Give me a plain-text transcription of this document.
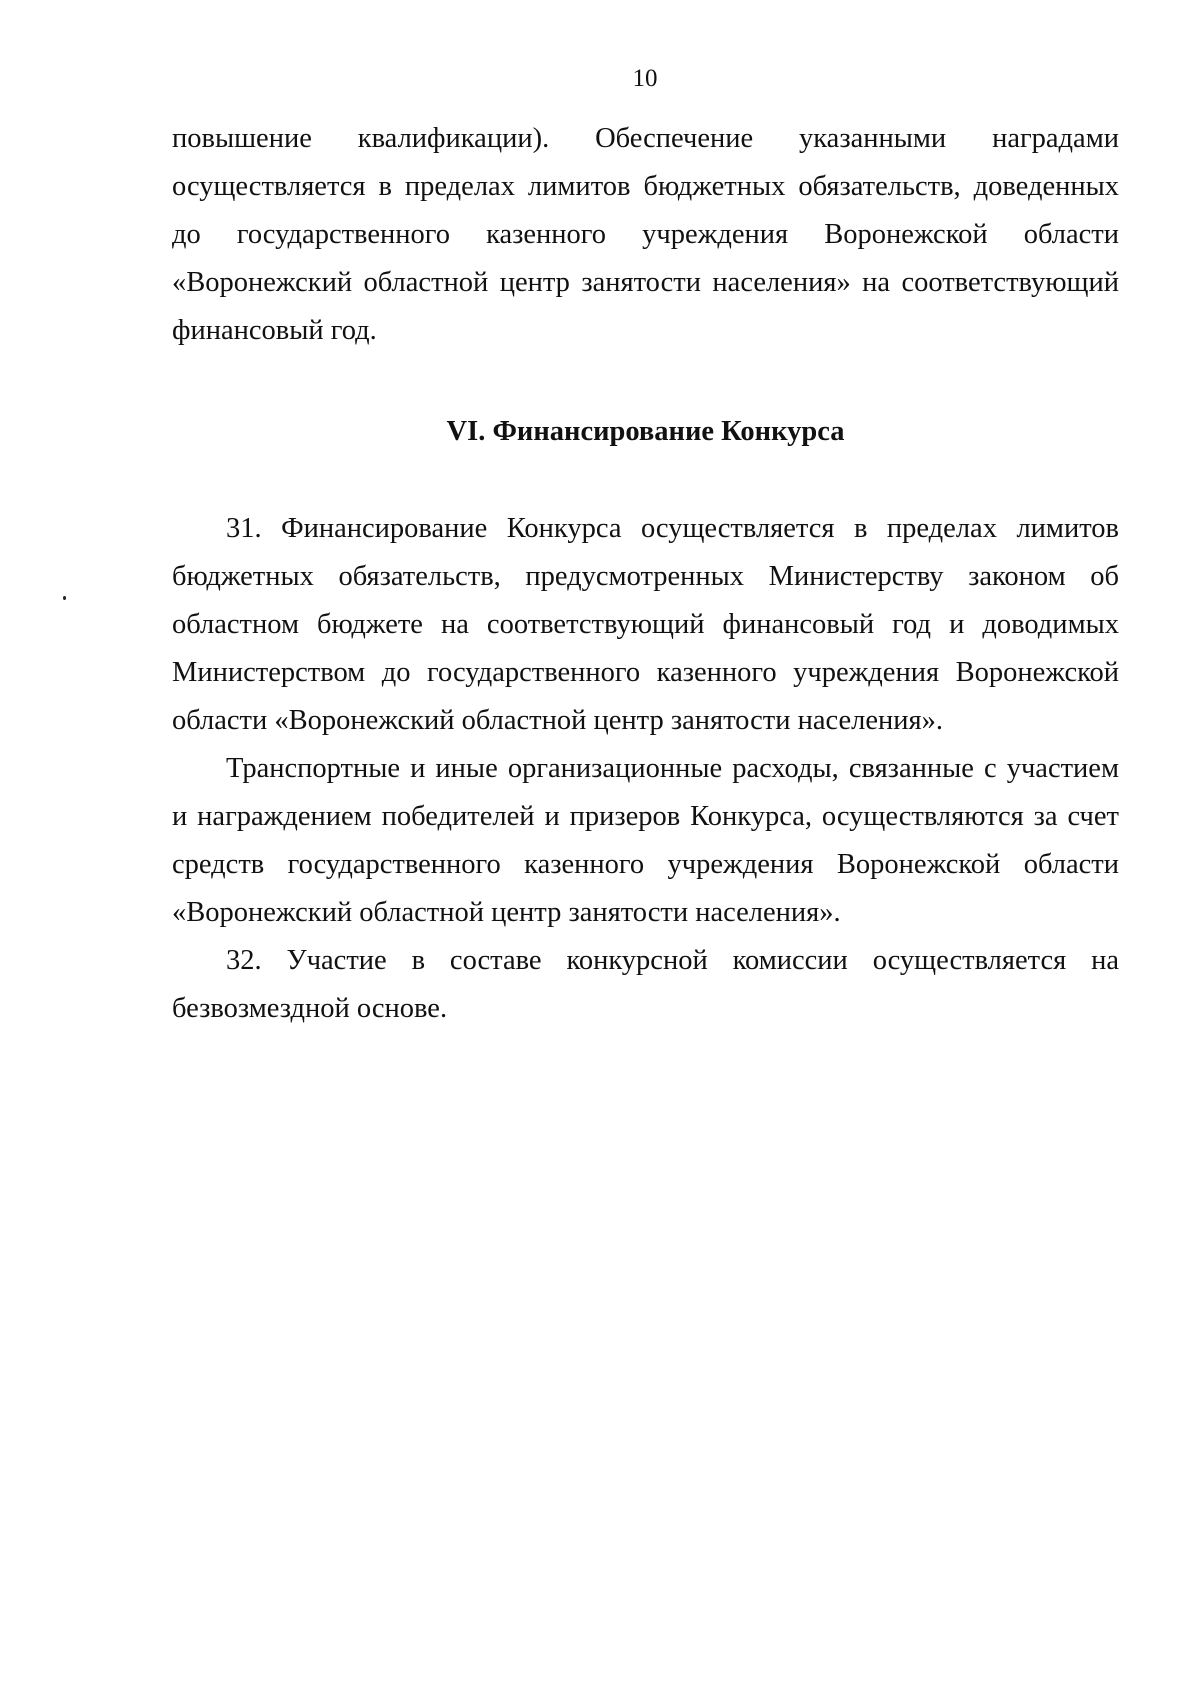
10

повышение квалификации). Обеспечение указанными наградами осуществляется в пределах лимитов бюджетных обязательств, доведенных до государственного казенного учреждения Воронежской области «Воронежский областной центр занятости населения» на соответствующий финансовый год.

VI. Финансирование Конкурса

31. Финансирование Конкурса осуществляется в пределах лимитов бюджетных обязательств, предусмотренных Министерству законом об областном бюджете на соответствующий финансовый год и доводимых Министерством до государственного казенного учреждения Воронежской области «Воронежский областной центр занятости населения».

Транспортные и иные организационные расходы, связанные с участием и награждением победителей и призеров Конкурса, осуществляются за счет средств государственного казенного учреждения Воронежской области «Воронежский областной центр занятости населения».

32. Участие в составе конкурсной комиссии осуществляется на безвозмездной основе.
